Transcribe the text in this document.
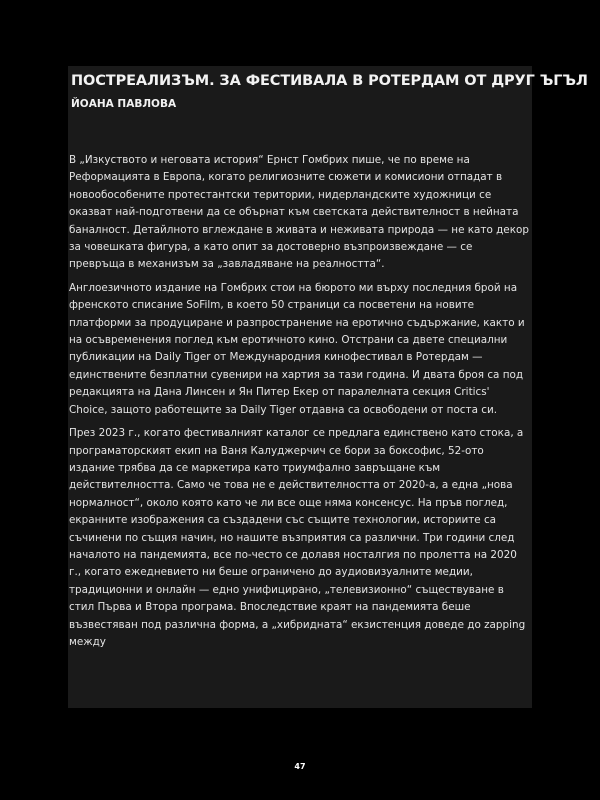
ПОСТРЕАЛИЗЪМ. ЗА ФЕСТИВАЛА В РОТЕРДАМ ОТ ДРУГ ЪГЪЛ
ЙОАНА ПАВЛОВА

В „Изкуството и неговата история“ Ернст Гомбрих пише, че по време на Реформацията в Европа, когато религиозните сюжети и комисиони отпадат в новообособените протестантски територии, нидерландските художници се оказват най-подготвени да се обърнат към светската действителност в нейната баналност. Детайлното вглеждане в живата и неживата природа — не като декор за човешката фигура, а като опит за достоверно възпроизвеждане — се превръща в механизъм за „завладяване на реалността“.

Англоезичното издание на Гомбрих стои на бюрото ми върху последния брой на френското списание SoFilm, в което 50 страници са посветени на новите платформи за продуциране и разпространение на еротично съдържание, както и на осъвременения поглед към еротичното кино. Отстрани са двете специални публикации на Daily Tiger от Международния кинофестивал в Ротердам — единствените безплатни сувенири на хартия за тази година. И двата броя са под редакцията на Дана Линсен и Ян Питер Екер от паралелната секция Critics' Choice, защото работещите за Daily Tiger отдавна са освободени от поста си.

През 2023 г., когато фестивалният каталог се предлага единствено като стока, а програматорският екип на Ваня Калуджерчич се бори за боксофис, 52-ото издание трябва да се маркетира като триумфално завръщане към действителността. Само че това не е действителността от 2020-а, а една „нова нормалност“, около която като че ли все още няма консенсус. На пръв поглед, екранните изображения са създадени със същите технологии, историите са съчинени по същия начин, но нашите възприятия са различни. Три години след началото на пандемията, все по-често се долавя носталгия по пролетта на 2020 г., когато ежедневието ни беше ограничено до аудиовизуалните медии, традиционни и онлайн — едно унифицирано, „телевизионно“ съществуване в стил Първа и Втора програма. Впоследствие краят на пандемията беше възвестяван под различна форма, а „хибридната“ екзистенция доведе до zapping между

47
